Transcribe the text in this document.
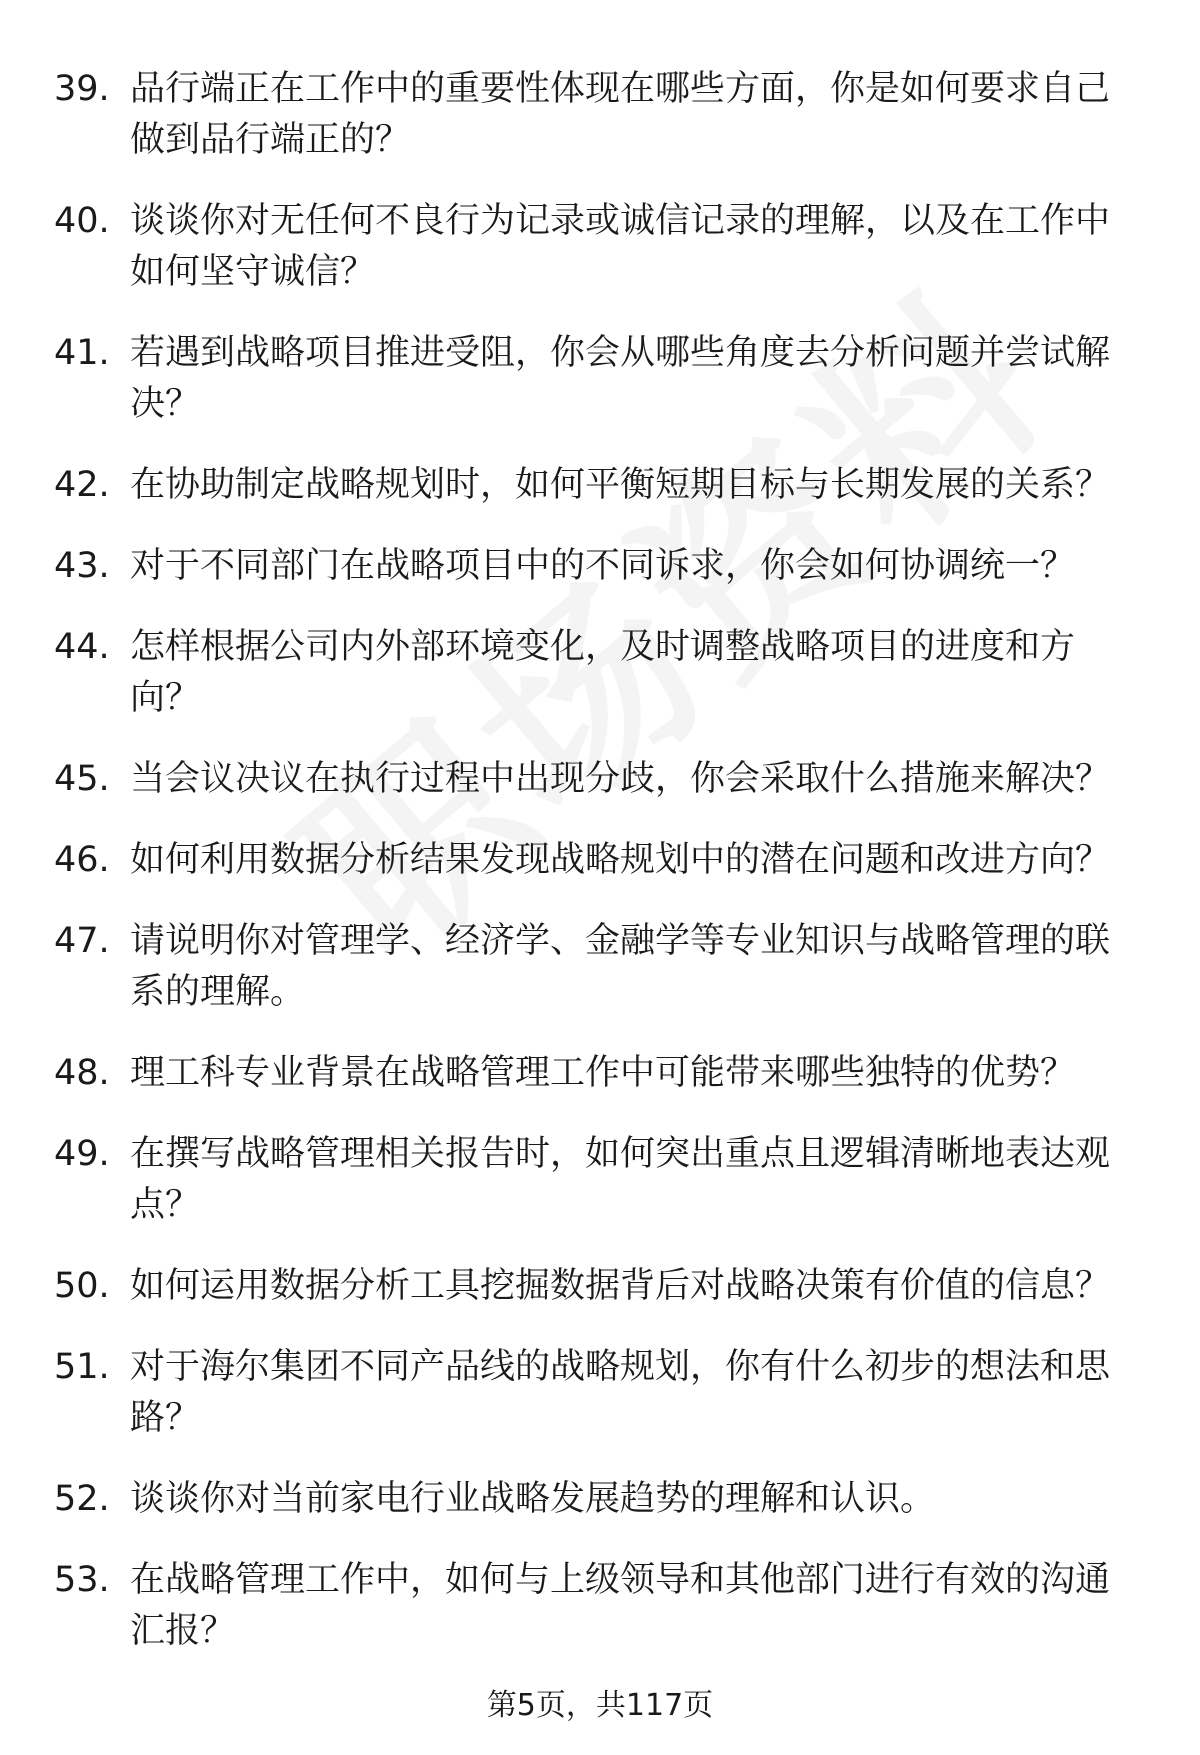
39. 品行端正在工作中的重要性体现在哪些方面，你是如何要求自己做到品行端正的？
40. 谈谈你对无任何不良行为记录或诚信记录的理解，以及在工作中如何坚守诚信？
41. 若遇到战略项目推进受阻，你会从哪些角度去分析问题并尝试解决？
42. 在协助制定战略规划时，如何平衡短期目标与长期发展的关系？
43. 对于不同部门在战略项目中的不同诉求，你会如何协调统一？
44. 怎样根据公司内外部环境变化，及时调整战略项目的进度和方向？
45. 当会议决议在执行过程中出现分歧，你会采取什么措施来解决？
46. 如何利用数据分析结果发现战略规划中的潜在问题和改进方向？
47. 请说明你对管理学、经济学、金融学等专业知识与战略管理的联系的理解。
48. 理工科专业背景在战略管理工作中可能带来哪些独特的优势？
49. 在撰写战略管理相关报告时，如何突出重点且逻辑清晰地表达观点？
50. 如何运用数据分析工具挖掘数据背后对战略决策有价值的信息？
51. 对于海尔集团不同产品线的战略规划，你有什么初步的想法和思路？
52. 谈谈你对当前家电行业战略发展趋势的理解和认识。
53. 在战略管理工作中，如何与上级领导和其他部门进行有效的沟通汇报？
第5页，共117页
